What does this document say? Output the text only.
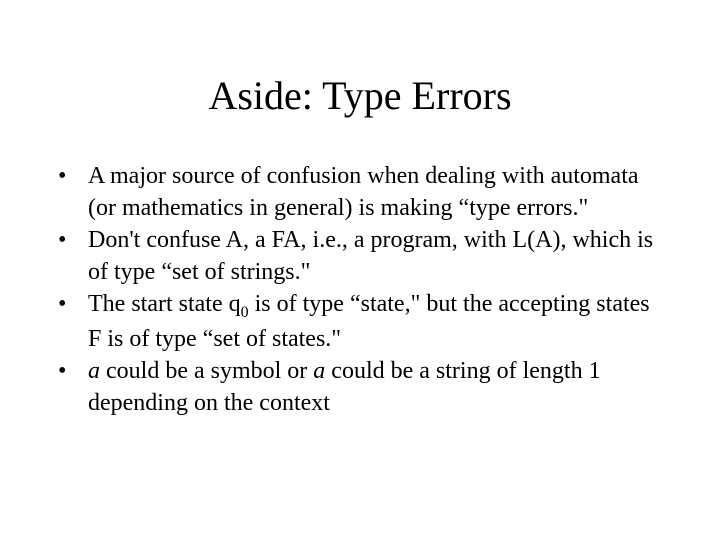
Aside: Type Errors
• A major source of confusion when dealing with automata (or mathematics in general) is making “type errors."
• Don't confuse A, a FA, i.e., a program, with L(A), which is of type “set of strings."
• The start state $q_0$ is of type “state," but the accepting states F is of type “set of states."
• a could be a symbol or a could be a string of length 1 depending on the context
